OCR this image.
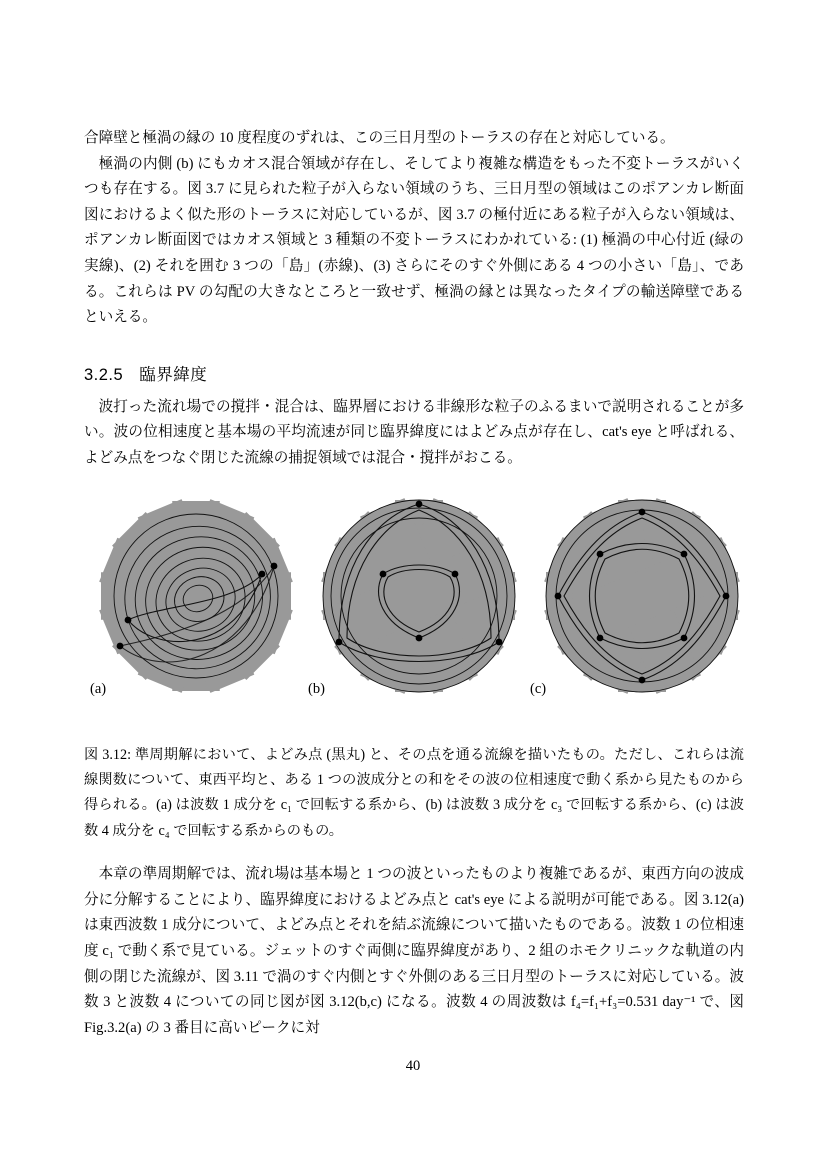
合障壁と極渦の縁の 10 度程度のずれは、この三日月型のトーラスの存在と対応している。

極渦の内側 (b) にもカオス混合領域が存在し、そしてより複雑な構造をもった不変トーラスがいくつも存在する。図 3.7 に見られた粒子が入らない領域のうち、三日月型の領域はこのポアンカレ断面図におけるよく似た形のトーラスに対応しているが、図 3.7 の極付近にある粒子が入らない領域は、ポアンカレ断面図ではカオス領域と 3 種類の不変トーラスにわかれている: (1) 極渦の中心付近 (緑の実線)、(2) それを囲む 3 つの「島」(赤線)、(3) さらにそのすぐ外側にある 4 つの小さい「島」、である。これらは PV の勾配の大きなところと一致せず、極渦の縁とは異なったタイプの輸送障壁であるといえる。

3.2.5 臨界緯度

波打った流れ場での撹拌・混合は、臨界層における非線形な粒子のふるまいで説明されることが多い。波の位相速度と基本場の平均流速が同じ臨界緯度にはよどみ点が存在し、cat's eye と呼ばれる、よどみ点をつなぐ閉じた流線の捕捉領域では混合・撹拌がおこる。

(a)	(b)	(c)

図 3.12: 準周期解において、よどみ点 (黒丸) と、その点を通る流線を描いたもの。ただし、これらは流線関数について、東西平均と、ある 1 つの波成分との和をその波の位相速度で動く系から見たものから得られる。(a) は波数 1 成分を c₁ で回転する系から、(b) は波数 3 成分を c₃ で回転する系から、(c) は波数 4 成分を c₄ で回転する系からのもの。

本章の準周期解では、流れ場は基本場と 1 つの波といったものより複雑であるが、東西方向の波成分に分解することにより、臨界緯度におけるよどみ点と cat's eye による説明が可能である。図 3.12(a) は東西波数 1 成分について、よどみ点とそれを結ぶ流線について描いたものである。波数 1 の位相速度 c₁ で動く系で見ている。ジェットのすぐ両側に臨界緯度があり、2 組のホモクリニックな軌道の内側の閉じた流線が、図 3.11 で渦のすぐ内側とすぐ外側のある三日月型のトーラスに対応している。波数 3 と波数 4 についての同じ図が図 3.12(b,c) になる。波数 4 の周波数は f₄=f₁+f₃=0.531 day⁻¹ で、図 Fig.3.2(a) の 3 番目に高いピークに対

40
